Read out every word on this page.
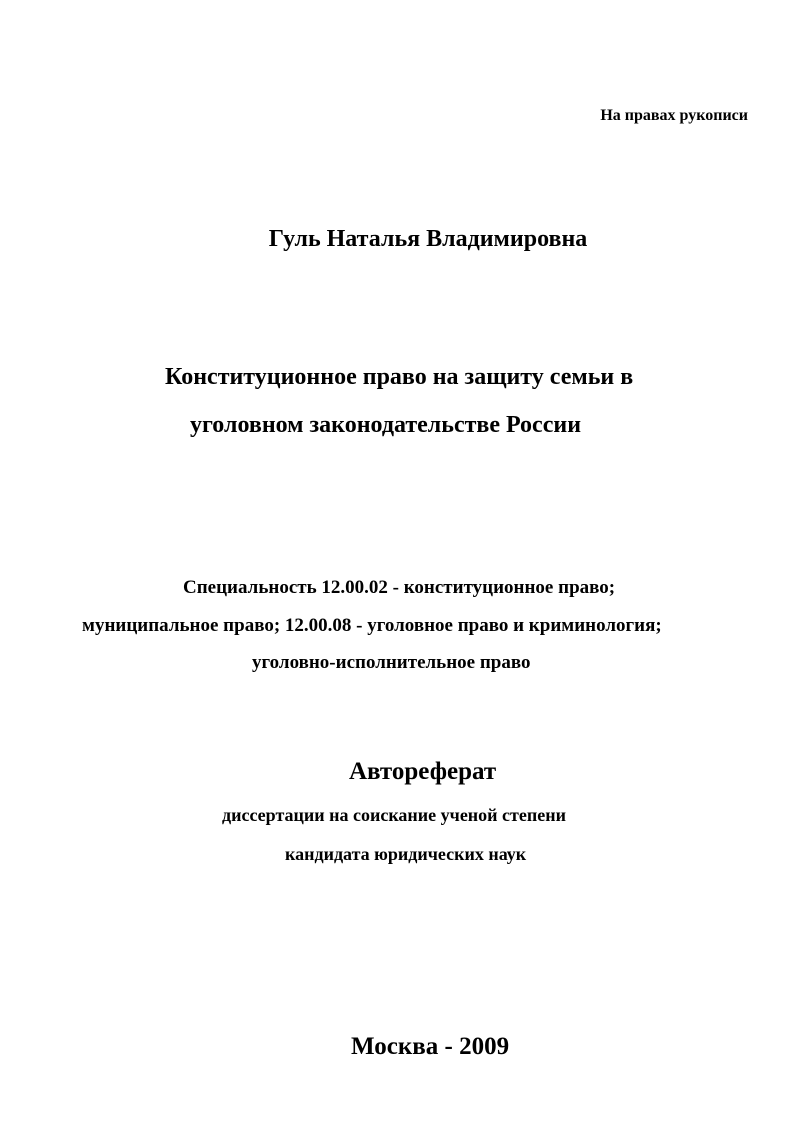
На правах рукописи
Гуль Наталья Владимировна
Конституционное право на защиту семьи в
уголовном законодательстве России
Специальность 12.00.02 - конституционное право;
муниципальное право; 12.00.08 - уголовное право и криминология;
уголовно-исполнительное право
Автореферат
диссертации на соискание ученой степени
кандидата юридических наук
Москва - 2009
